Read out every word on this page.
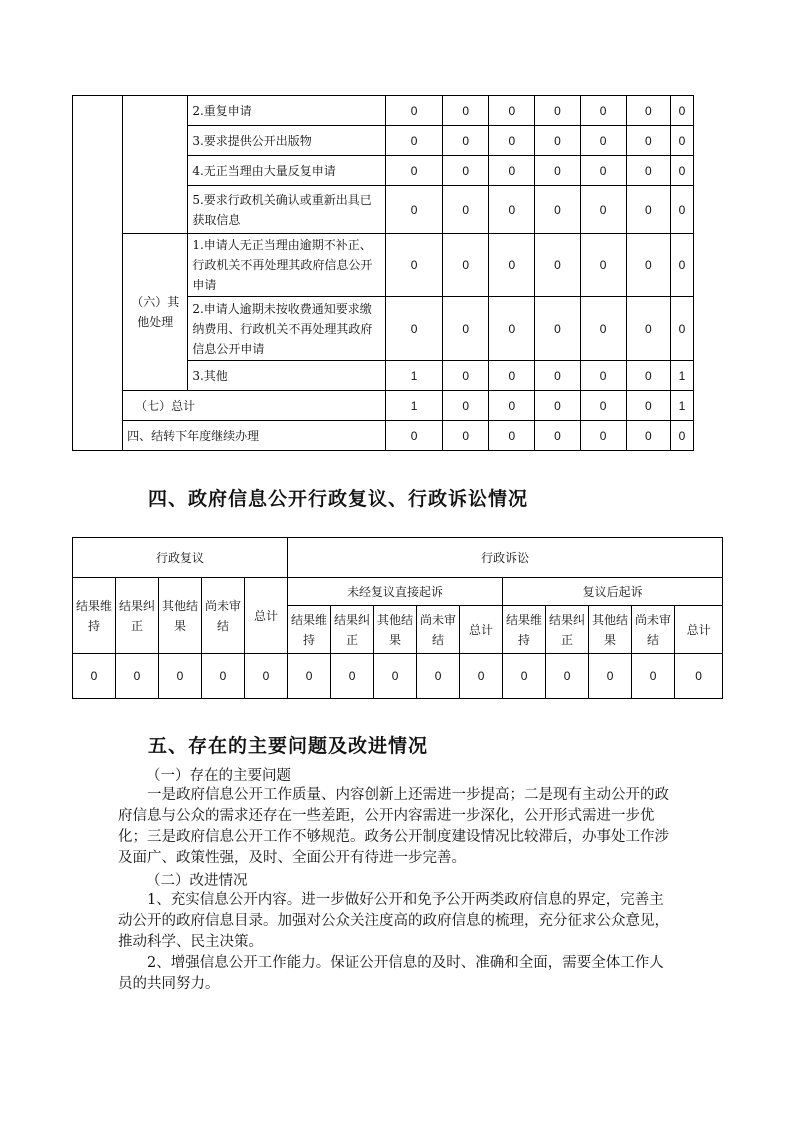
		2.重复申请	0	0	0	0	0	0	0
		3.要求提供公开出版物	0	0	0	0	0	0	0
		4.无正当理由大量反复申请	0	0	0	0	0	0	0
		5.要求行政机关确认或重新出具已获取信息	0	0	0	0	0	0	0
	（六）其他处理	1.申请人无正当理由逾期不补正、行政机关不再处理其政府信息公开申请	0	0	0	0	0	0	0
		2.申请人逾期未按收费通知要求缴纳费用、行政机关不再处理其政府信息公开申请	0	0	0	0	0	0	0
		3.其他	1	0	0	0	0	0	1
	（七）总计		1	0	0	0	0	0	1
	四、结转下年度继续办理		0	0	0	0	0	0	0
四、政府信息公开行政复议、行政诉讼情况
行政复议					行政诉讼									
结果维持	结果纠正	其他结果	尚未审结	总计	未经复议直接起诉					复议后起诉				
					结果维持	结果纠正	其他结果	尚未审结	总计	结果维持	结果纠正	其他结果	尚未审结	总计
0	0	0	0	0	0	0	0	0	0	0	0	0	0	0
五、存在的主要问题及改进情况

（一）存在的主要问题

一是政府信息公开工作质量、内容创新上还需进一步提高；二是现有主动公开的政府信息与公众的需求还存在一些差距，公开内容需进一步深化，公开形式需进一步优化；三是政府信息公开工作不够规范。政务公开制度建设情况比较滞后，办事处工作涉及面广、政策性强，及时、全面公开有待进一步完善。

（二）改进情况

1、充实信息公开内容。进一步做好公开和免予公开两类政府信息的界定，完善主动公开的政府信息目录。加强对公众关注度高的政府信息的梳理，充分征求公众意见，推动科学、民主决策。

2、增强信息公开工作能力。保证公开信息的及时、准确和全面，需要全体工作人员的共同努力。
